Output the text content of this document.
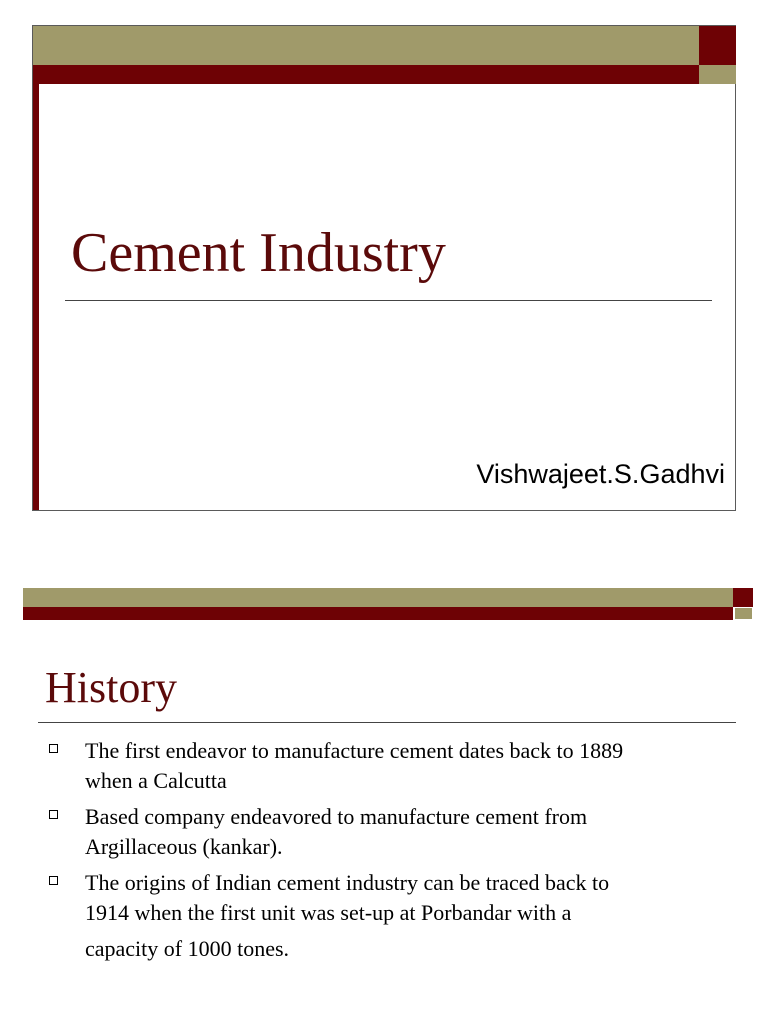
Cement Industry

Vishwajeet.S.Gadhvi

History
The first endeavor to manufacture cement dates back to 1889
when a Calcutta
Based company endeavored to manufacture cement from
Argillaceous (kankar).
The origins of Indian cement industry can be traced back to
1914 when the first unit was set-up at Porbandar with a
capacity of 1000 tones.
